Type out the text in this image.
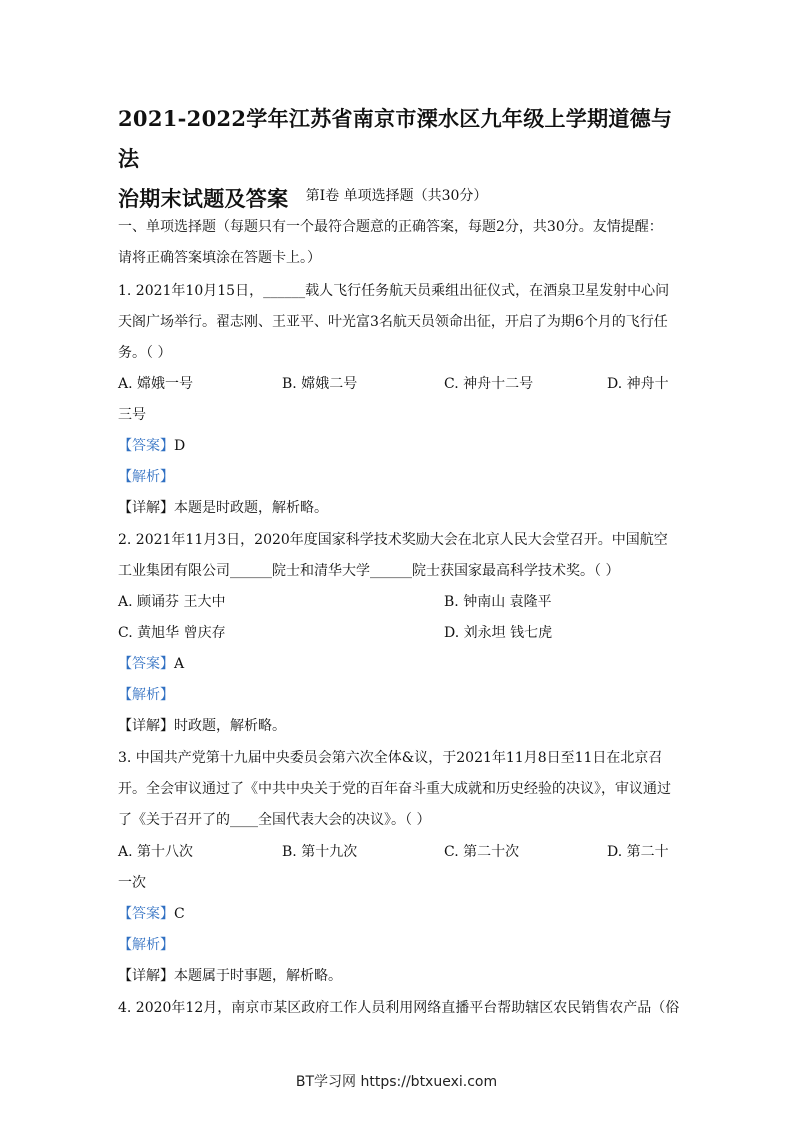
2021-2022学年江苏省南京市溧水区九年级上学期道德与法
治期末试题及答案	第Ⅰ卷 单项选择题（共30分）
一、单项选择题（每题只有一个最符合题意的正确答案，每题2分，共30分。友情提醒：
请将正确答案填涂在答题卡上。）
1. 2021年10月15日，______载人飞行任务航天员乘组出征仪式，在酒泉卫星发射中心问
天阁广场举行。翟志刚、王亚平、叶光富3名航天员领命出征，开启了为期6个月的飞行任
务。（ ）
A. 嫦娥一号	B. 嫦娥二号	C. 神舟十二号	D. 神舟十
三号
【答案】D
【解析】
【详解】本题是时政题，解析略。
2. 2021年11月3日，2020年度国家科学技术奖励大会在北京人民大会堂召开。中国航空
工业集团有限公司______院士和清华大学______院士获国家最高科学技术奖。（ ）
A. 顾诵芬 王大中	B. 钟南山 袁隆平
C. 黄旭华 曾庆存	D. 刘永坦 钱七虎
【答案】A
【解析】
【详解】时政题，解析略。
3. 中国共产党第十九届中央委员会第六次全体&议，于2021年11月8日至11日在北京召
开。全会审议通过了《中共中央关于党的百年奋斗重大成就和历史经验的决议》，审议通过
了《关于召开了的____全国代表大会的决议》。（ ）
A. 第十八次	B. 第十九次	C. 第二十次	D. 第二十
一次
【答案】C
【解析】
【详解】本题属于时事题，解析略。
4. 2020年12月，南京市某区政府工作人员利用网络直播平台帮助辖区农民销售农产品（俗
BT学习网 https://btxuexi.com
